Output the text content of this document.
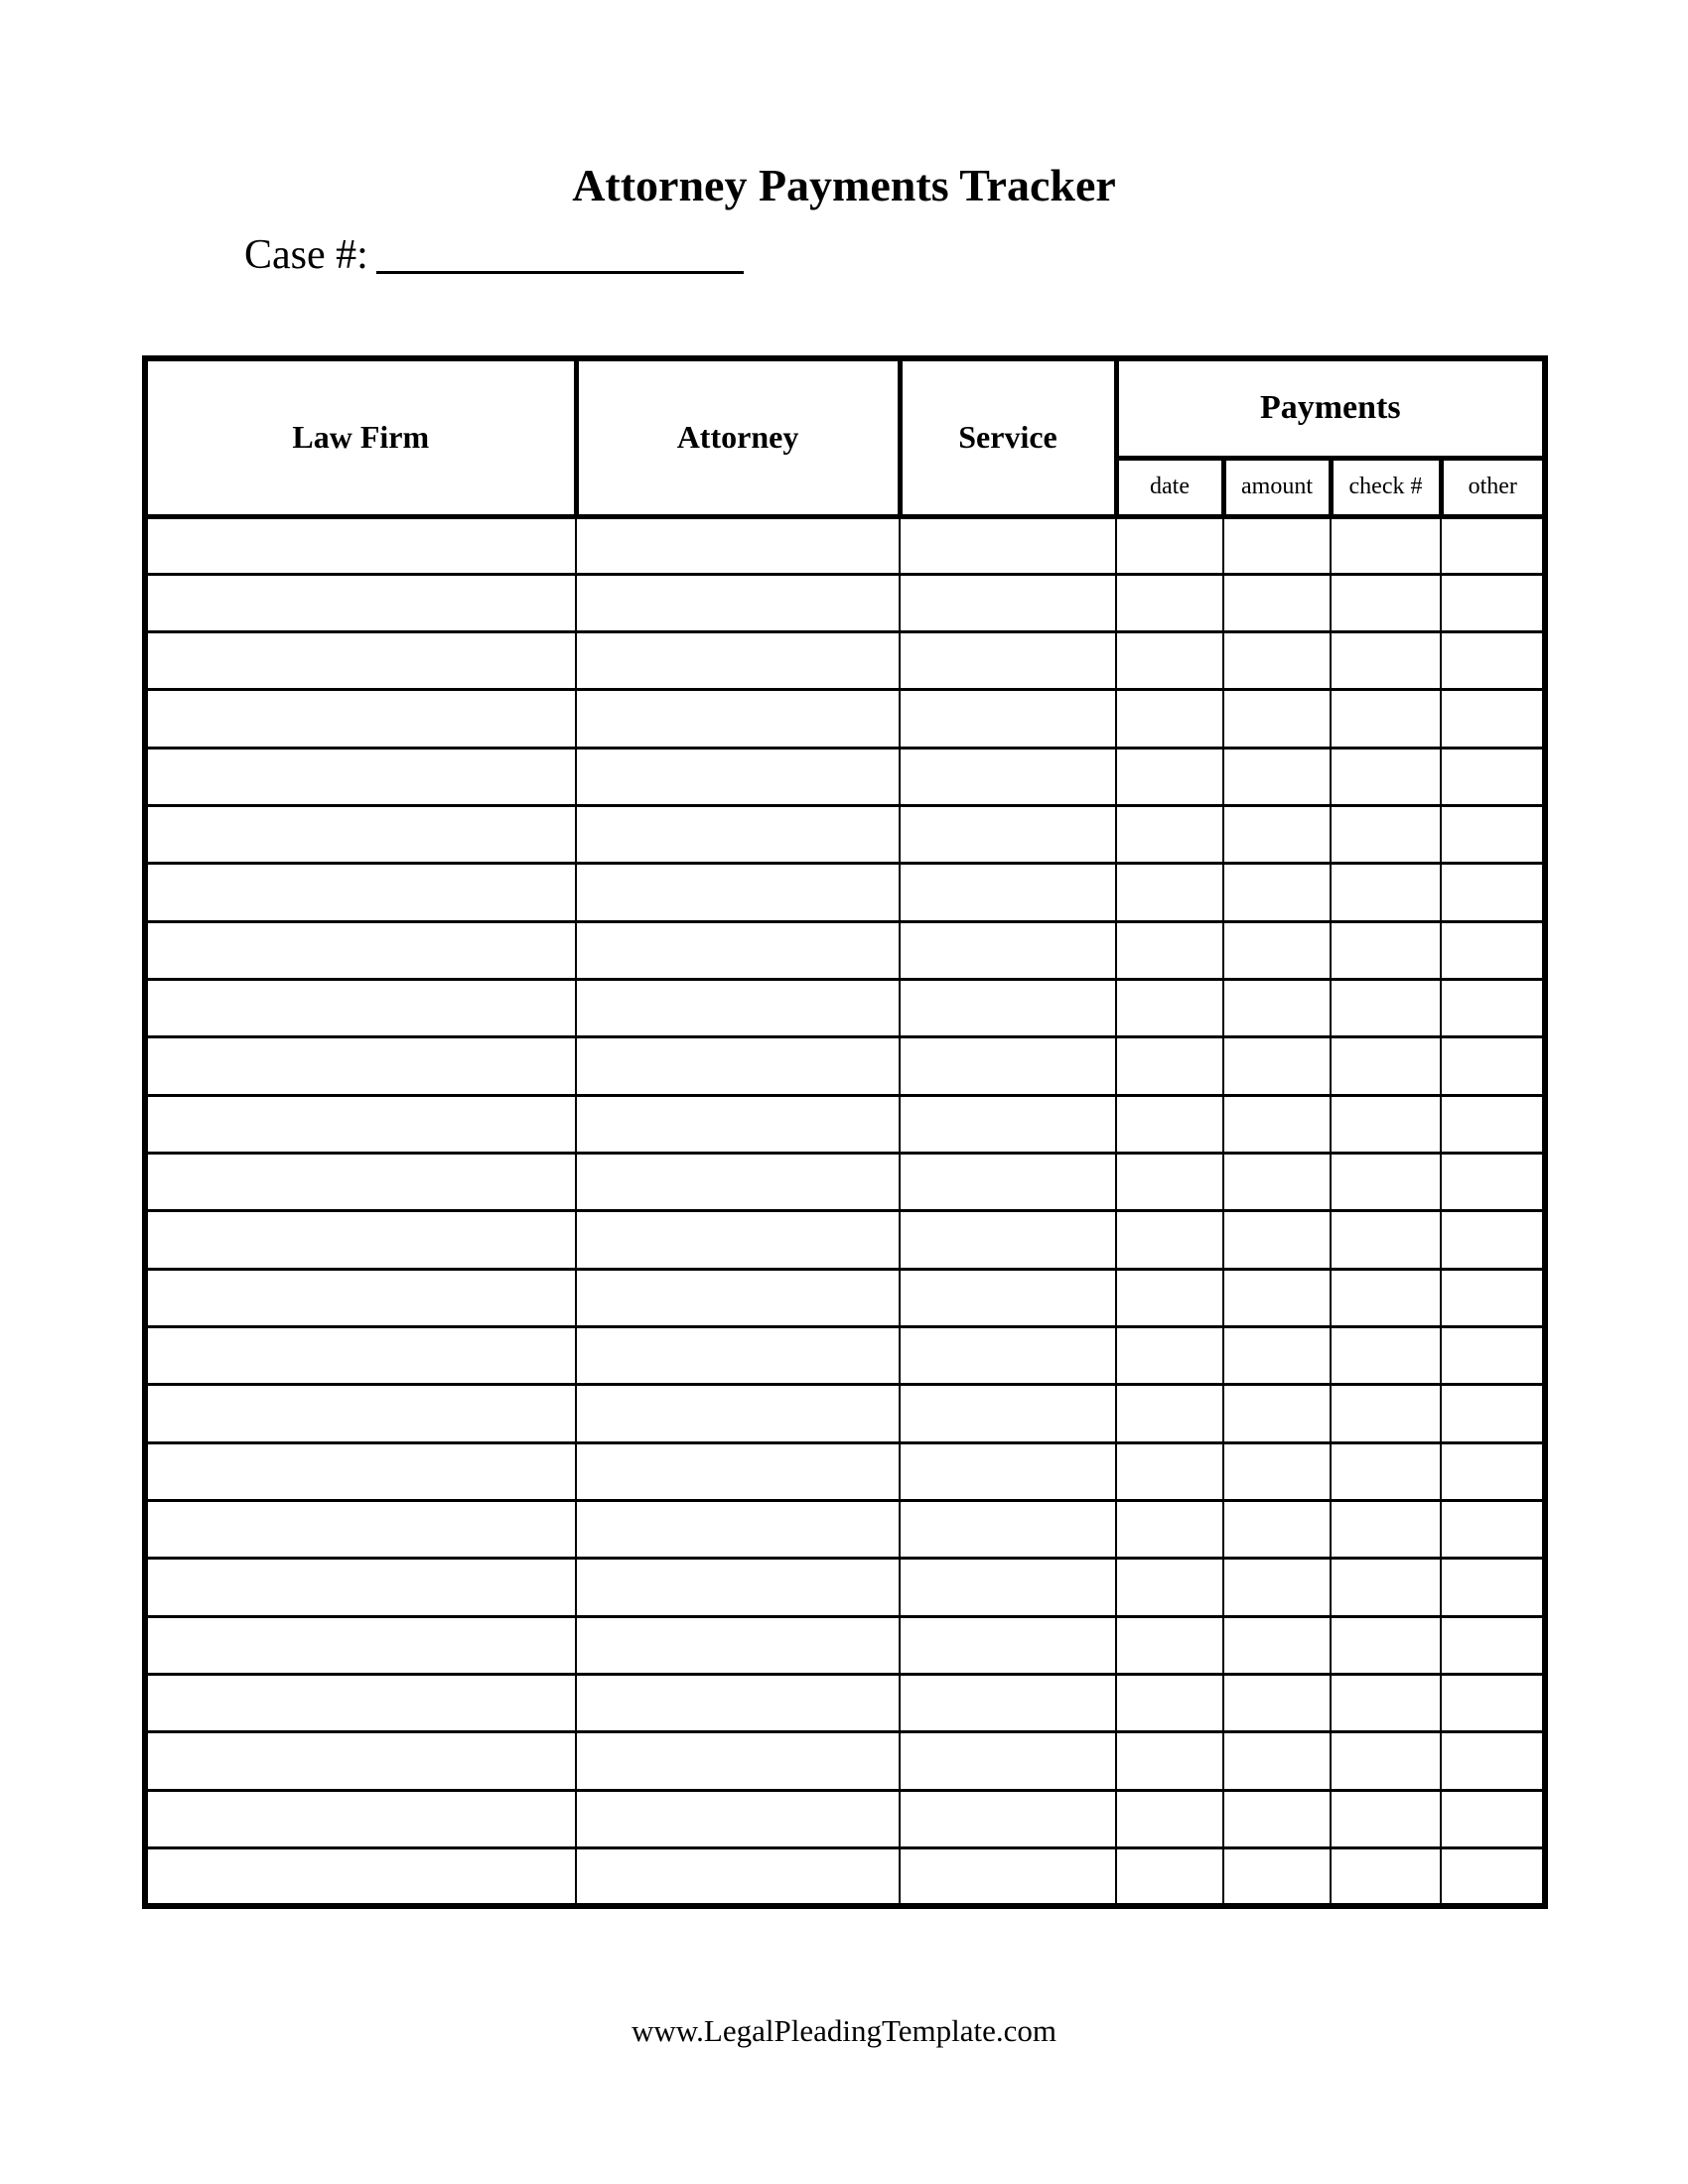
Attorney Payments Tracker
Case #:
Law Firm	Attorney	Service	Payments			
			date	amount	check #	other

www.LegalPleadingTemplate.com
